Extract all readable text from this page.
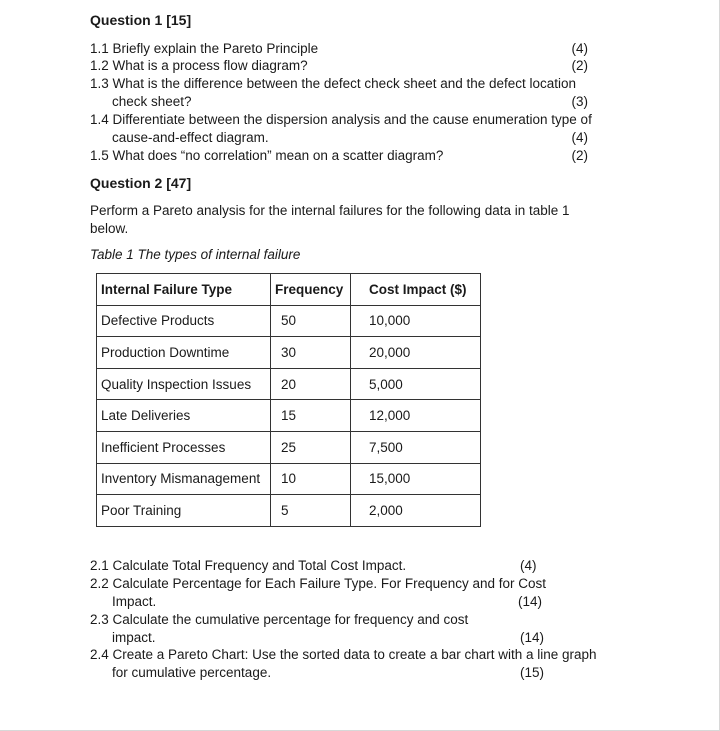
Question 1 [15]
1.1 Briefly explain the Pareto Principle	(4)
1.2 What is a process flow diagram?	(2)
1.3 What is the difference between the defect check sheet and the defect location
check sheet?	(3)
1.4 Differentiate between the dispersion analysis and the cause enumeration type of
cause-and-effect diagram.	(4)
1.5 What does “no correlation” mean on a scatter diagram?	(2)
Question 2 [47]
Perform a Pareto analysis for the internal failures for the following data in table 1
below.
Table 1 The types of internal failure
Internal Failure Type	Frequency	Cost Impact ($)
Defective Products	50	10,000
Production Downtime	30	20,000
Quality Inspection Issues	20	5,000
Late Deliveries	15	12,000
Inefficient Processes	25	7,500
Inventory Mismanagement	10	15,000
Poor Training	5	2,000
2.1 Calculate Total Frequency and Total Cost Impact.	(4)
2.2 Calculate Percentage for Each Failure Type. For Frequency and for Cost
Impact.	(14)
2.3 Calculate the cumulative percentage for frequency and cost
impact.	(14)
2.4 Create a Pareto Chart: Use the sorted data to create a bar chart with a line graph
for cumulative percentage.	(15)
